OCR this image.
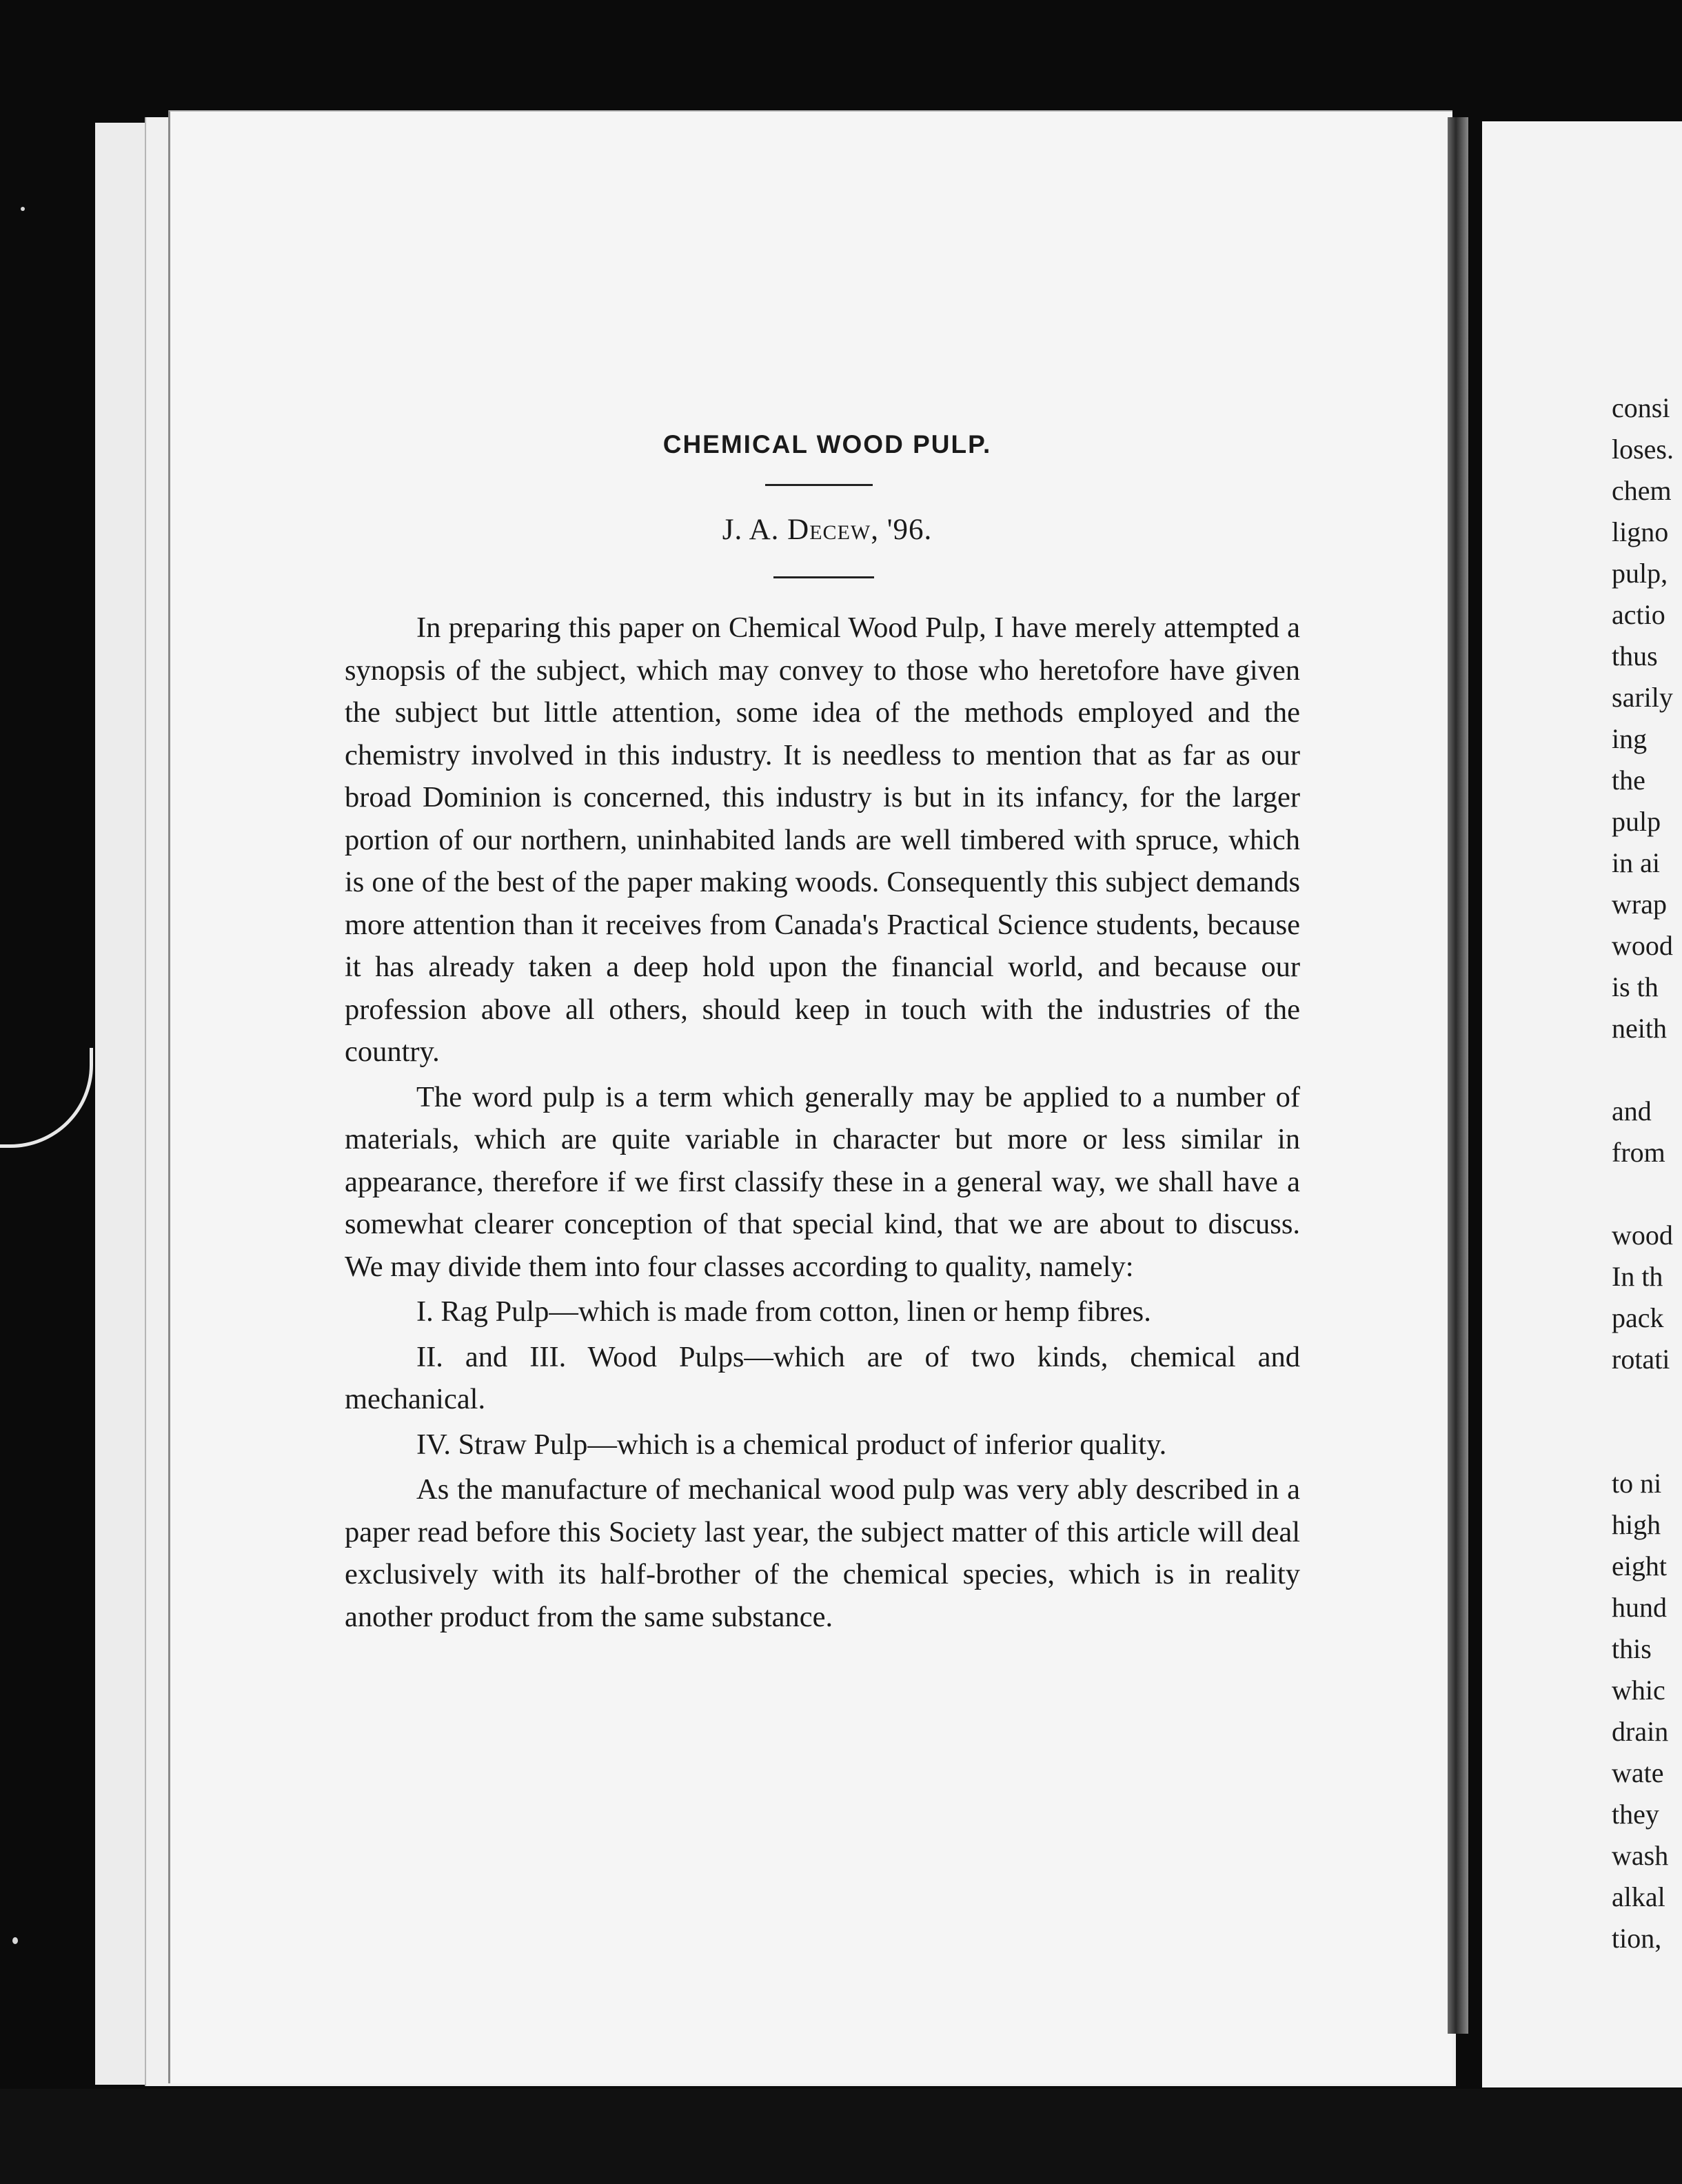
consi
loses.
chem
ligno
pulp,
actio
thus
sarily
ing
the
pulp
in ai
wrap
wood
is th
neith
and
from
wood
In th
pack
rotati
to ni
high
eight
hund
this
whic
drain
wate
they
wash
alkal
tion,
CHEMICAL WOOD PULP.
J. A. Decew, '96.

In preparing this paper on Chemical Wood Pulp, I have merely attempted a synopsis of the subject, which may convey to those who heretofore have given the subject but little attention, some idea of the methods employed and the chemistry involved in this industry. It is needless to mention that as far as our broad Dominion is concerned, this industry is but in its infancy, for the larger portion of our northern, uninhabited lands are well timbered with spruce, which is one of the best of the paper making woods. Consequently this subject demands more attention than it receives from Canada's Practical Science students, because it has already taken a deep hold upon the financial world, and because our profession above all others, should keep in touch with the industries of the country.

The word pulp is a term which generally may be applied to a number of materials, which are quite variable in character but more or less similar in appearance, therefore if we first classify these in a general way, we shall have a somewhat clearer conception of that special kind, that we are about to discuss. We may divide them into four classes according to quality, namely:

I. Rag Pulp—which is made from cotton, linen or hemp fibres.

II. and III. Wood Pulps—which are of two kinds, chemical and mechanical.

IV. Straw Pulp—which is a chemical product of inferior quality.

As the manufacture of mechanical wood pulp was very ably described in a paper read before this Society last year, the subject matter of this article will deal exclusively with its half-brother of the chemical species, which is in reality another product from the same substance.
